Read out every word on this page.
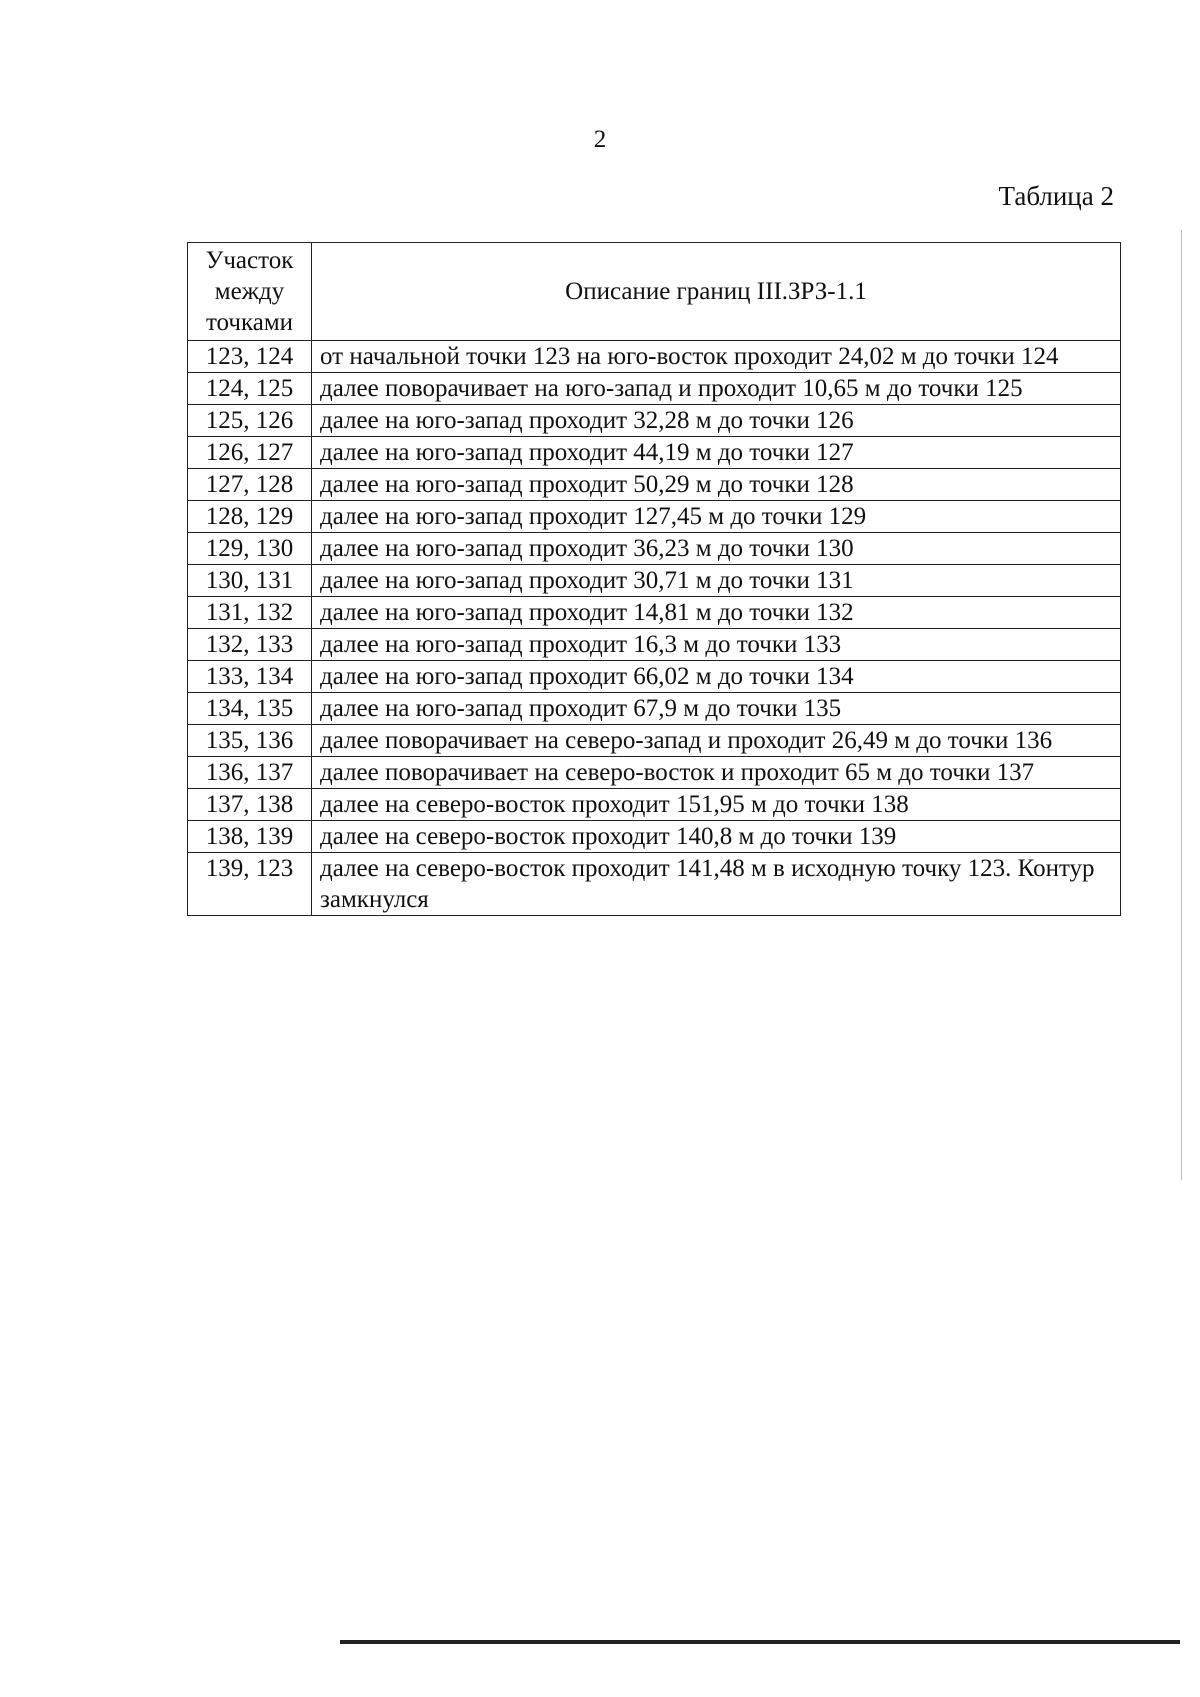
2
Таблица 2
Участок
между
точками	Описание границ III.ЗРЗ-1.1
123, 124	от начальной точки 123 на юго-восток проходит 24,02 м до точки 124
124, 125	далее поворачивает на юго-запад и проходит 10,65 м до точки 125
125, 126	далее на юго-запад проходит 32,28 м до точки 126
126, 127	далее на юго-запад проходит 44,19 м до точки 127
127, 128	далее на юго-запад проходит 50,29 м до точки 128
128, 129	далее на юго-запад проходит 127,45 м до точки 129
129, 130	далее на юго-запад проходит 36,23 м до точки 130
130, 131	далее на юго-запад проходит 30,71 м до точки 131
131, 132	далее на юго-запад проходит 14,81 м до точки 132
132, 133	далее на юго-запад проходит 16,3 м до точки 133
133, 134	далее на юго-запад проходит 66,02 м до точки 134
134, 135	далее на юго-запад проходит 67,9 м до точки 135
135, 136	далее поворачивает на северо-запад и проходит 26,49 м до точки 136
136, 137	далее поворачивает на северо-восток и проходит 65 м до точки 137
137, 138	далее на северо-восток проходит 151,95 м до точки 138
138, 139	далее на северо-восток проходит 140,8 м до точки 139
139, 123	далее на северо-восток проходит 141,48 м в исходную точку 123. Контур замкнулся
